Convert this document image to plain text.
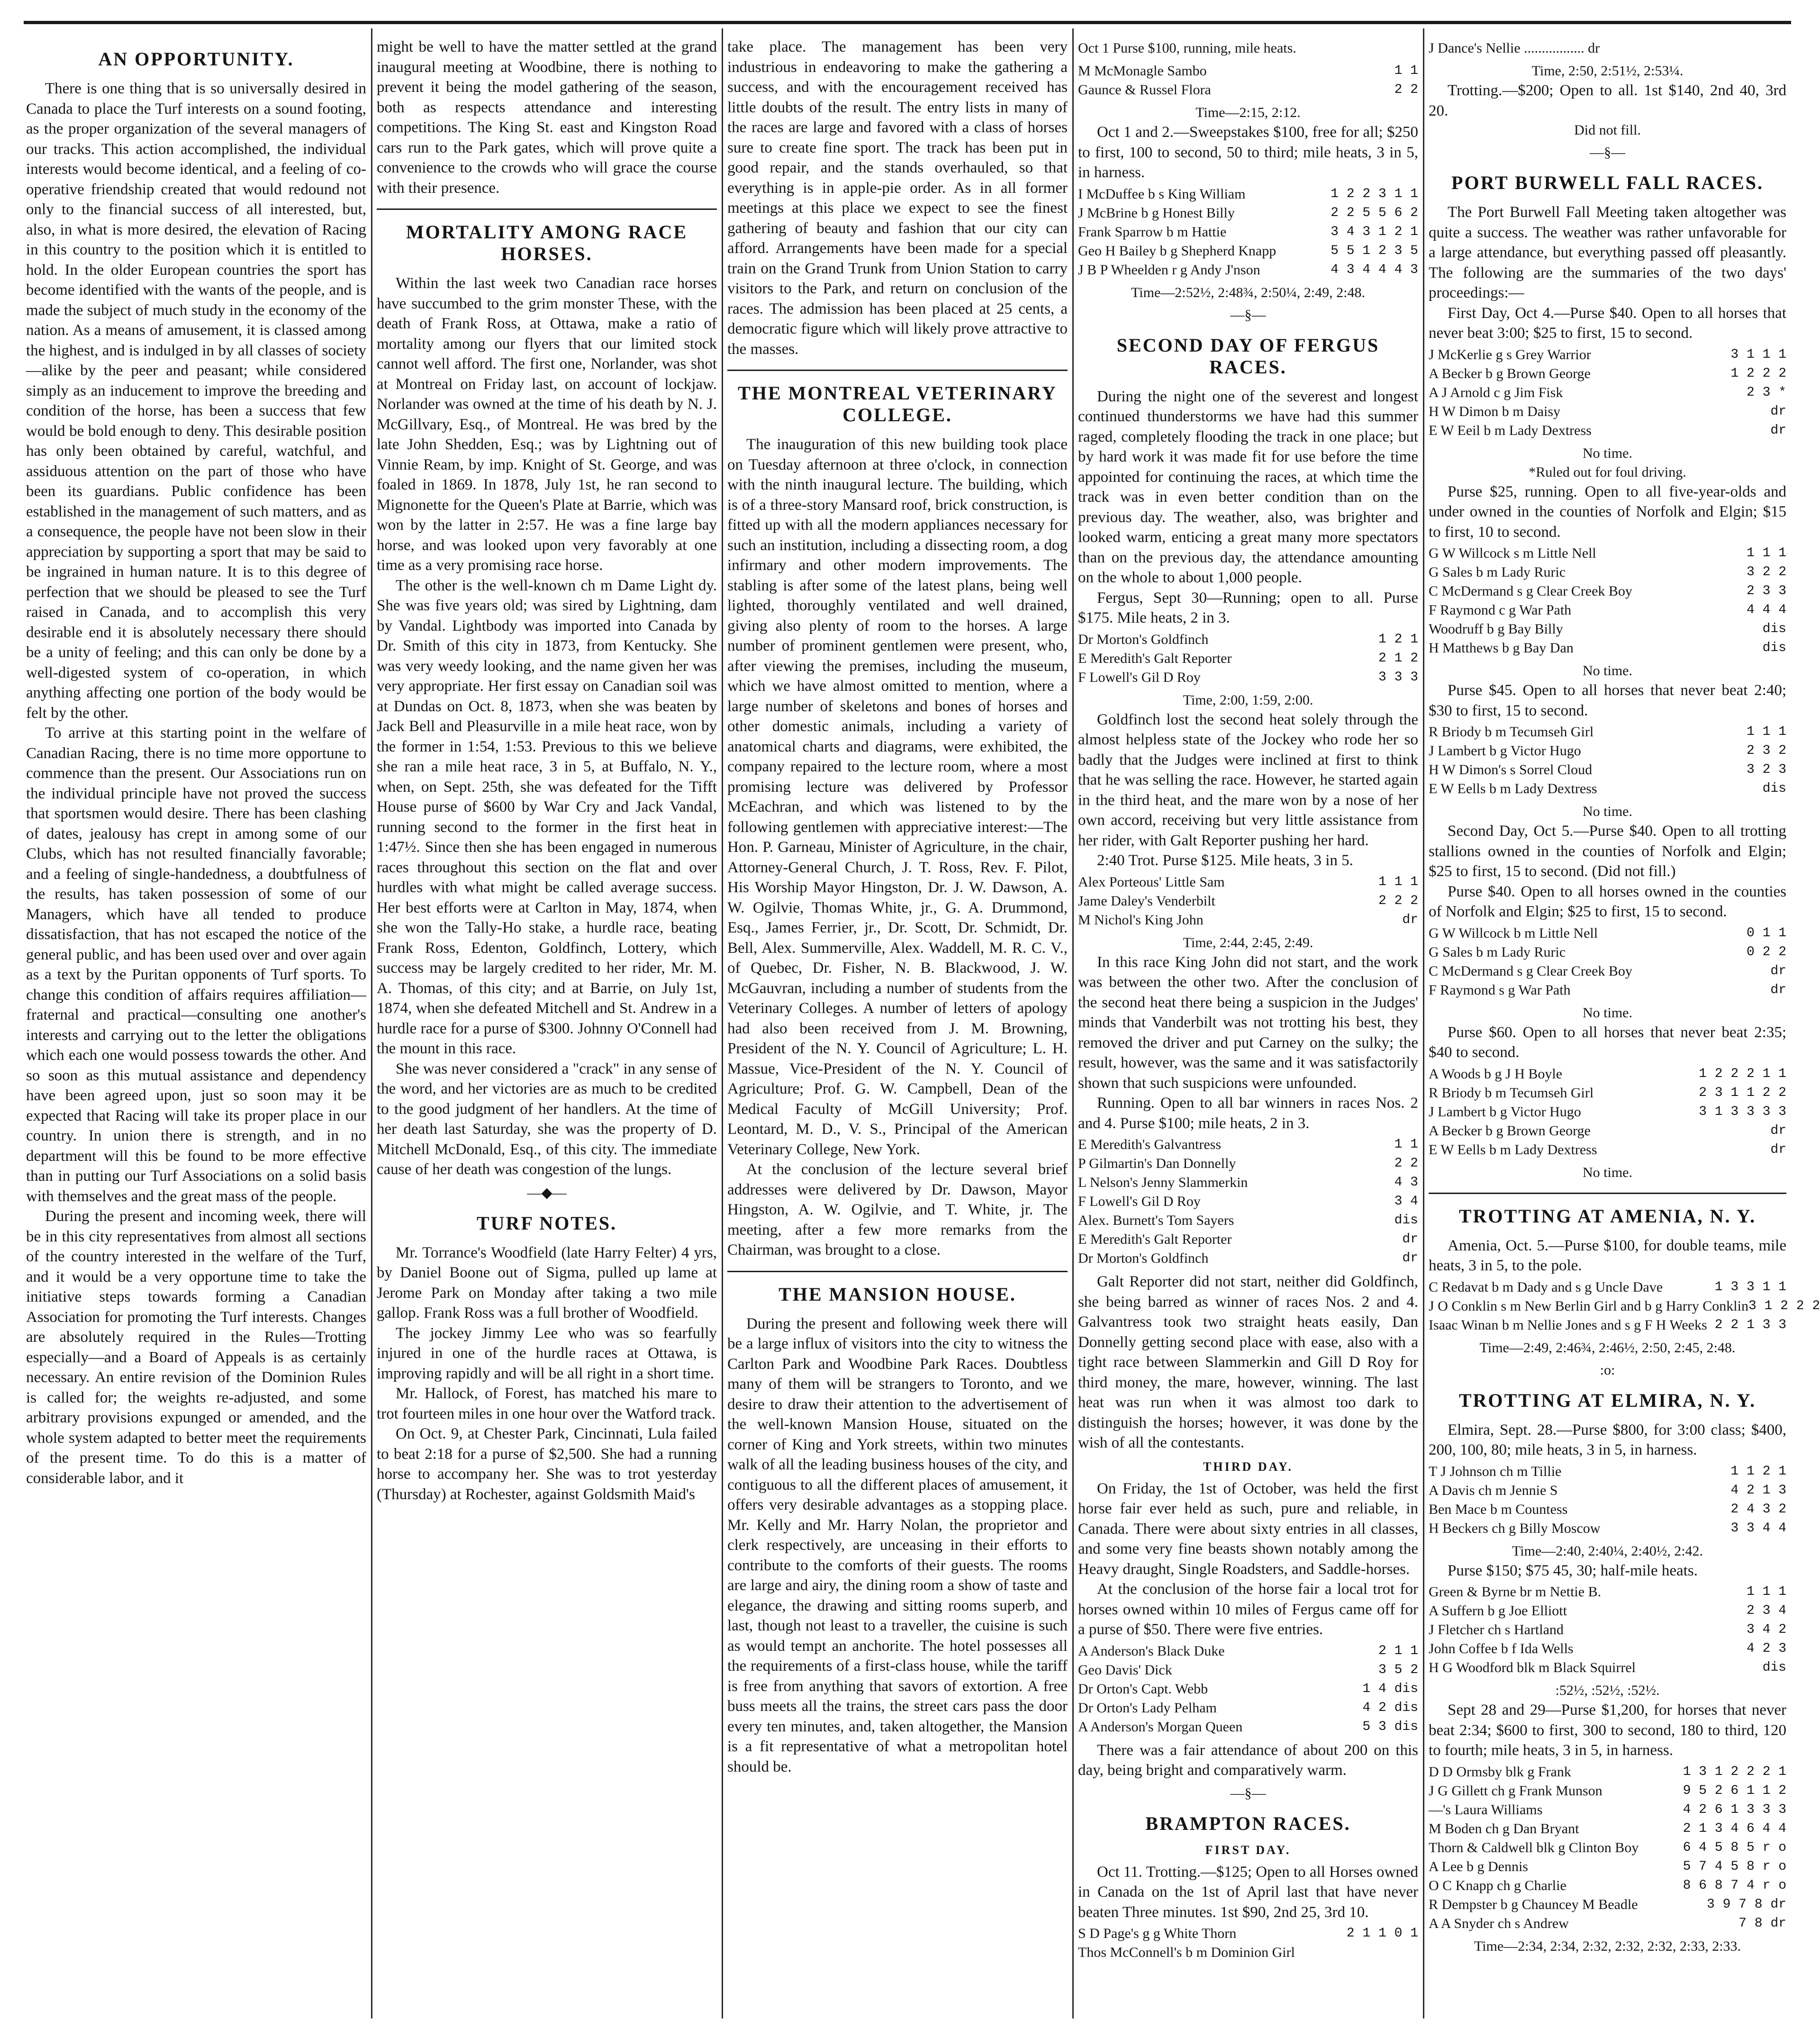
AN OPPORTUNITY.

There is one thing that is so universally desired in Canada to place the Turf interests on a sound footing, as the proper organization of the several managers of our tracks. This action accomplished, the individual interests would become identical, and a feeling of co-operative friendship created that would redound not only to the financial success of all interested, but, also, in what is more desired, the elevation of Racing in this country to the position which it is entitled to hold. In the older European countries the sport has become identified with the wants of the people, and is made the subject of much study in the economy of the nation. As a means of amusement, it is classed among the highest, and is indulged in by all classes of society—alike by the peer and peasant; while considered simply as an inducement to improve the breeding and condition of the horse, has been a success that few would be bold enough to deny. This desirable position has only been obtained by careful, watchful, and assiduous attention on the part of those who have been its guardians. Public confidence has been established in the management of such matters, and as a consequence, the people have not been slow in their appreciation by supporting a sport that may be said to be ingrained in human nature. It is to this degree of perfection that we should be pleased to see the Turf raised in Canada, and to accomplish this very desirable end it is absolutely necessary there should be a unity of feeling; and this can only be done by a well-digested system of co-operation, in which anything affecting one portion of the body would be felt by the other.

To arrive at this starting point in the welfare of Canadian Racing, there is no time more opportune to commence than the present. Our Associations run on the individual principle have not proved the success that sportsmen would desire. There has been clashing of dates, jealousy has crept in among some of our Clubs, which has not resulted financially favorable; and a feeling of single-handedness, a doubtfulness of the results, has taken possession of some of our Managers, which have all tended to produce dissatisfaction, that has not escaped the notice of the general public, and has been used over and over again as a text by the Puritan opponents of Turf sports. To change this condition of affairs requires affiliation—fraternal and practical—consulting one another's interests and carrying out to the letter the obligations which each one would possess towards the other. And so soon as this mutual assistance and dependency have been agreed upon, just so soon may it be expected that Racing will take its proper place in our country. In union there is strength, and in no department will this be found to be more effective than in putting our Turf Associations on a solid basis with themselves and the great mass of the people.

During the present and incoming week, there will be in this city representatives from almost all sections of the country interested in the welfare of the Turf, and it would be a very opportune time to take the initiative steps towards forming a Canadian Association for promoting the Turf interests. Changes are absolutely required in the Rules—Trotting especially—and a Board of Appeals is as certainly necessary. An entire revision of the Dominion Rules is called for; the weights re-adjusted, and some arbitrary provisions expunged or amended, and the whole system adapted to better meet the requirements of the present time. To do this is a matter of considerable labor, and it

might be well to have the matter settled at the grand inaugural meeting at Woodbine, there is nothing to prevent it being the model gathering of the season, both as respects attendance and interesting competitions. The King St. east and Kingston Road cars run to the Park gates, which will prove quite a convenience to the crowds who will grace the course with their presence.

MORTALITY AMONG RACE HORSES.

Within the last week two Canadian race horses have succumbed to the grim monster These, with the death of Frank Ross, at Ottawa, make a ratio of mortality among our flyers that our limited stock cannot well afford. The first one, Norlander, was shot at Montreal on Friday last, on account of lockjaw. Norlander was owned at the time of his death by N. J. McGillvary, Esq., of Montreal. He was bred by the late John Shedden, Esq.; was by Lightning out of Vinnie Ream, by imp. Knight of St. George, and was foaled in 1869. In 1878, July 1st, he ran second to Mignonette for the Queen's Plate at Barrie, which was won by the latter in 2:57. He was a fine large bay horse, and was looked upon very favorably at one time as a very promising race horse.

The other is the well-known ch m Dame Light dy. She was five years old; was sired by Lightning, dam by Vandal. Lightbody was imported into Canada by Dr. Smith of this city in 1873, from Kentucky. She was very weedy looking, and the name given her was very appropriate. Her first essay on Canadian soil was at Dundas on Oct. 8, 1873, when she was beaten by Jack Bell and Pleasurville in a mile heat race, won by the former in 1:54, 1:53. Previous to this we believe she ran a mile heat race, 3 in 5, at Buffalo, N. Y., when, on Sept. 25th, she was defeated for the Tifft House purse of $600 by War Cry and Jack Vandal, running second to the former in the first heat in 1:47½. Since then she has been engaged in numerous races throughout this section on the flat and over hurdles with what might be called average success. Her best efforts were at Carlton in May, 1874, when she won the Tally-Ho stake, a hurdle race, beating Frank Ross, Edenton, Goldfinch, Lottery, which success may be largely credited to her rider, Mr. M. A. Thomas, of this city; and at Barrie, on July 1st, 1874, when she defeated Mitchell and St. Andrew in a hurdle race for a purse of $300. Johnny O'Connell had the mount in this race.

She was never considered a "crack" in any sense of the word, and her victories are as much to be credited to the good judgment of her handlers. At the time of her death last Saturday, she was the property of D. Mitchell McDonald, Esq., of this city. The immediate cause of her death was congestion of the lungs.

—◆—
TURF NOTES.

Mr. Torrance's Woodfield (late Harry Felter) 4 yrs, by Daniel Boone out of Sigma, pulled up lame at Jerome Park on Monday after taking a two mile gallop. Frank Ross was a full brother of Woodfield.

The jockey Jimmy Lee who was so fearfully injured in one of the hurdle races at Ottawa, is improving rapidly and will be all right in a short time.

Mr. Hallock, of Forest, has matched his mare to trot fourteen miles in one hour over the Watford track.

On Oct. 9, at Chester Park, Cincinnati, Lula failed to beat 2:18 for a purse of $2,500. She had a running horse to accompany her. She was to trot yesterday (Thursday) at Rochester, against Goldsmith Maid's

take place. The management has been very industrious in endeavoring to make the gathering a success, and with the encouragement received has little doubts of the result. The entry lists in many of the races are large and favored with a class of horses sure to create fine sport. The track has been put in good repair, and the stands overhauled, so that everything is in apple-pie order. As in all former meetings at this place we expect to see the finest gathering of beauty and fashion that our city can afford. Arrangements have been made for a special train on the Grand Trunk from Union Station to carry visitors to the Park, and return on conclusion of the races. The admission has been placed at 25 cents, a democratic figure which will likely prove attractive to the masses.

THE MONTREAL VETERINARY COLLEGE.

The inauguration of this new building took place on Tuesday afternoon at three o'clock, in connection with the ninth inaugural lecture. The building, which is of a three-story Mansard roof, brick construction, is fitted up with all the modern appliances necessary for such an institution, including a dissecting room, a dog infirmary and other modern improvements. The stabling is after some of the latest plans, being well lighted, thoroughly ventilated and well drained, giving also plenty of room to the horses. A large number of prominent gentlemen were present, who, after viewing the premises, including the museum, which we have almost omitted to mention, where a large number of skeletons and bones of horses and other domestic animals, including a variety of anatomical charts and diagrams, were exhibited, the company repaired to the lecture room, where a most promising lecture was delivered by Professor McEachran, and which was listened to by the following gentlemen with appreciative interest:—The Hon. P. Garneau, Minister of Agriculture, in the chair, Attorney-General Church, J. T. Ross, Rev. F. Pilot, His Worship Mayor Hingston, Dr. J. W. Dawson, A. W. Ogilvie, Thomas White, jr., G. A. Drummond, Esq., James Ferrier, jr., Dr. Scott, Dr. Schmidt, Dr. Bell, Alex. Summerville, Alex. Waddell, M. R. C. V., of Quebec, Dr. Fisher, N. B. Blackwood, J. W. McGauvran, including a number of students from the Veterinary Colleges. A number of letters of apology had also been received from J. M. Browning, President of the N. Y. Council of Agriculture; L. H. Massue, Vice-President of the N. Y. Council of Agriculture; Prof. G. W. Campbell, Dean of the Medical Faculty of McGill University; Prof. Leontard, M. D., V. S., Principal of the American Veterinary College, New York.

At the conclusion of the lecture several brief addresses were delivered by Dr. Dawson, Mayor Hingston, A. W. Ogilvie, and T. White, jr. The meeting, after a few more remarks from the Chairman, was brought to a close.

THE MANSION HOUSE.

During the present and following week there will be a large influx of visitors into the city to witness the Carlton Park and Woodbine Park Races. Doubtless many of them will be strangers to Toronto, and we desire to draw their attention to the advertisement of the well-known Mansion House, situated on the corner of King and York streets, within two minutes walk of all the leading business houses of the city, and contiguous to all the different places of amusement, it offers very desirable advantages as a stopping place. Mr. Kelly and Mr. Harry Nolan, the proprietor and clerk respectively, are unceasing in their efforts to contribute to the comforts of their guests. The rooms are large and airy, the dining room a show of taste and elegance, the drawing and sitting rooms superb, and last, though not least to a traveller, the cuisine is such as would tempt an anchorite. The hotel possesses all the requirements of a first-class house, while the tariff is free from anything that savors of extortion. A free buss meets all the trains, the street cars pass the door every ten minutes, and, taken altogether, the Mansion is a fit representative of what a metropolitan hotel should be.

Oct 1 Purse $100, running, mile heats.
M McMonagle Sambo	1 1
Gaunce & Russel Flora	2 2
Time—2:15, 2:12.

Oct 1 and 2.—Sweepstakes $100, free for all; $250 to first, 100 to second, 50 to third; mile heats, 3 in 5, in harness.

I McDuffee b s King William	1 2 2 3 1 1
J McBrine b g Honest Billy	2 2 5 5 6 2
Frank Sparrow b m Hattie	3 4 3 1 2 1
Geo H Bailey b g Shepherd Knapp	5 5 1 2 3 5
J B P Wheelden r g Andy J'nson	4 3 4 4 4 3
Time—2:52½, 2:48¾, 2:50¼, 2:49, 2:48.
—§—
SECOND DAY OF FERGUS RACES.

During the night one of the severest and longest continued thunderstorms we have had this summer raged, completely flooding the track in one place; but by hard work it was made fit for use before the time appointed for continuing the races, at which time the track was in even better condition than on the previous day. The weather, also, was brighter and looked warm, enticing a great many more spectators than on the previous day, the attendance amounting on the whole to about 1,000 people.

Fergus, Sept 30—Running; open to all. Purse $175. Mile heats, 2 in 3.

Dr Morton's Goldfinch	1 2 1
E Meredith's Galt Reporter	2 1 2
F Lowell's Gil D Roy	3 3 3
Time, 2:00, 1:59, 2:00.

Goldfinch lost the second heat solely through the almost helpless state of the Jockey who rode her so badly that the Judges were inclined at first to think that he was selling the race. However, he started again in the third heat, and the mare won by a nose of her own accord, receiving but very little assistance from her rider, with Galt Reporter pushing her hard.

2:40 Trot. Purse $125. Mile heats, 3 in 5.

Alex Porteous' Little Sam	1 1 1
Jame Daley's Venderbilt	2 2 2
M Nichol's King John	dr
Time, 2:44, 2:45, 2:49.

In this race King John did not start, and the work was between the other two. After the conclusion of the second heat there being a suspicion in the Judges' minds that Vanderbilt was not trotting his best, they removed the driver and put Carney on the sulky; the result, however, was the same and it was satisfactorily shown that such suspicions were unfounded.

Running. Open to all bar winners in races Nos. 2 and 4. Purse $100; mile heats, 2 in 3.

E Meredith's Galvantress	1 1
P Gilmartin's Dan Donnelly	2 2
L Nelson's Jenny Slammerkin	4 3
F Lowell's Gil D Roy	3 4
Alex. Burnett's Tom Sayers	dis
E Meredith's Galt Reporter	dr
Dr Morton's Goldfinch	dr

Galt Reporter did not start, neither did Goldfinch, she being barred as winner of races Nos. 2 and 4. Galvantress took two straight heats easily, Dan Donnelly getting second place with ease, also with a tight race between Slammerkin and Gill D Roy for third money, the mare, however, winning. The last heat was run when it was almost too dark to distinguish the horses; however, it was done by the wish of all the contestants.

THIRD DAY.

On Friday, the 1st of October, was held the first horse fair ever held as such, pure and reliable, in Canada. There were about sixty entries in all classes, and some very fine beasts shown notably among the Heavy draught, Single Roadsters, and Saddle-horses.

At the conclusion of the horse fair a local trot for horses owned within 10 miles of Fergus came off for a purse of $50. There were five entries.

A Anderson's Black Duke	2 1 1
Geo Davis' Dick	3 5 2
Dr Orton's Capt. Webb	1 4 dis
Dr Orton's Lady Pelham	4 2 dis
A Anderson's Morgan Queen	5 3 dis

There was a fair attendance of about 200 on this day, being bright and comparatively warm.

—§—
BRAMPTON RACES.
FIRST DAY.

Oct 11. Trotting.—$125; Open to all Horses owned in Canada on the 1st of April last that have never beaten Three minutes. 1st $90, 2nd 25, 3rd 10.

S D Page's g g White Thorn	2 1 1 0 1
Thos McConnell's b m Dominion Girl
J Dance's Nellie ................. dr
Time, 2:50, 2:51½, 2:53¼.

Trotting.—$200; Open to all. 1st $140, 2nd 40, 3rd 20.

Did not fill.
—§—
PORT BURWELL FALL RACES.

The Port Burwell Fall Meeting taken altogether was quite a success. The weather was rather unfavorable for a large attendance, but everything passed off pleasantly. The following are the summaries of the two days' proceedings:—

First Day, Oct 4.—Purse $40. Open to all horses that never beat 3:00; $25 to first, 15 to second.

J McKerlie g s Grey Warrior	3 1 1 1
A Becker b g Brown George	1 2 2 2
A J Arnold c g Jim Fisk	2 3 *
H W Dimon b m Daisy	dr
E W Eeil b m Lady Dextress	dr
No time.
*Ruled out for foul driving.

Purse $25, running. Open to all five-year-olds and under owned in the counties of Norfolk and Elgin; $15 to first, 10 to second.

G W Willcock s m Little Nell	1 1 1
G Sales b m Lady Ruric	3 2 2
C McDermand s g Clear Creek Boy	2 3 3
F Raymond c g War Path	4 4 4
Woodruff b g Bay Billy	dis
H Matthews b g Bay Dan	dis
No time.

Purse $45. Open to all horses that never beat 2:40; $30 to first, 15 to second.

R Briody b m Tecumseh Girl	1 1 1
J Lambert b g Victor Hugo	2 3 2
H W Dimon's s Sorrel Cloud	3 2 3
E W Eells b m Lady Dextress	dis
No time.

Second Day, Oct 5.—Purse $40. Open to all trotting stallions owned in the counties of Norfolk and Elgin; $25 to first, 15 to second. (Did not fill.)

Purse $40. Open to all horses owned in the counties of Norfolk and Elgin; $25 to first, 15 to second.

G W Willcock b m Little Nell	0 1 1
G Sales b m Lady Ruric	0 2 2
C McDermand s g Clear Creek Boy	dr
F Raymond s g War Path	dr
No time.

Purse $60. Open to all horses that never beat 2:35; $40 to second.

A Woods b g J H Boyle	1 2 2 2 1 1
R Briody b m Tecumseh Girl	2 3 1 1 2 2
J Lambert b g Victor Hugo	3 1 3 3 3 3
A Becker b g Brown George	dr
E W Eells b m Lady Dextress	dr
No time.
TROTTING AT AMENIA, N. Y.

Amenia, Oct. 5.—Purse $100, for double teams, mile heats, 3 in 5, to the pole.

C Redavat b m Dady and s g Uncle Dave	1 3 3 1 1
J O Conklin s m New Berlin Girl and b g Harry Conklin 3 1 2 2 2
Isaac Winan b m Nellie Jones and s g F H Weeks 2 2 1 3 3
Time—2:49, 2:46¾, 2:46½, 2:50, 2:45, 2:48.
:o:
TROTTING AT ELMIRA, N. Y.

Elmira, Sept. 28.—Purse $800, for 3:00 class; $400, 200, 100, 80; mile heats, 3 in 5, in harness.

T J Johnson ch m Tillie	1 1 2 1
A Davis ch m Jennie S	4 2 1 3
Ben Mace b m Countess	2 4 3 2
H Beckers ch g Billy Moscow	3 3 4 4
Time—2:40, 2:40¼, 2:40½, 2:42.

Purse $150; $75 45, 30; half-mile heats.

Green & Byrne br m Nettie B.	1 1 1
A Suffern b g Joe Elliott	2 3 4
J Fletcher ch s Hartland	3 4 2
John Coffee b f Ida Wells	4 2 3
H G Woodford blk m Black Squirrel	dis
:52½, :52½, :52½.

Sept 28 and 29—Purse $1,200, for horses that never beat 2:34; $600 to first, 300 to second, 180 to third, 120 to fourth; mile heats, 3 in 5, in harness.

D D Ormsby blk g Frank	1 3 1 2 2 2 1
J G Gillett ch g Frank Munson	9 5 2 6 1 1 2
—'s Laura Williams	4 2 6 1 3 3 3
M Boden ch g Dan Bryant	2 1 3 4 6 4 4
Thorn & Caldwell blk g Clinton Boy	6 4 5 8 5 r o
A Lee b g Dennis	5 7 4 5 8 r o
O C Knapp ch g Charlie	8 6 8 7 4 r o
R Dempster b g Chauncey M Beadle	3 9 7 8 dr
A A Snyder ch s Andrew	7 8 dr
Time—2:34, 2:34, 2:32, 2:32, 2:32, 2:33, 2:33.
